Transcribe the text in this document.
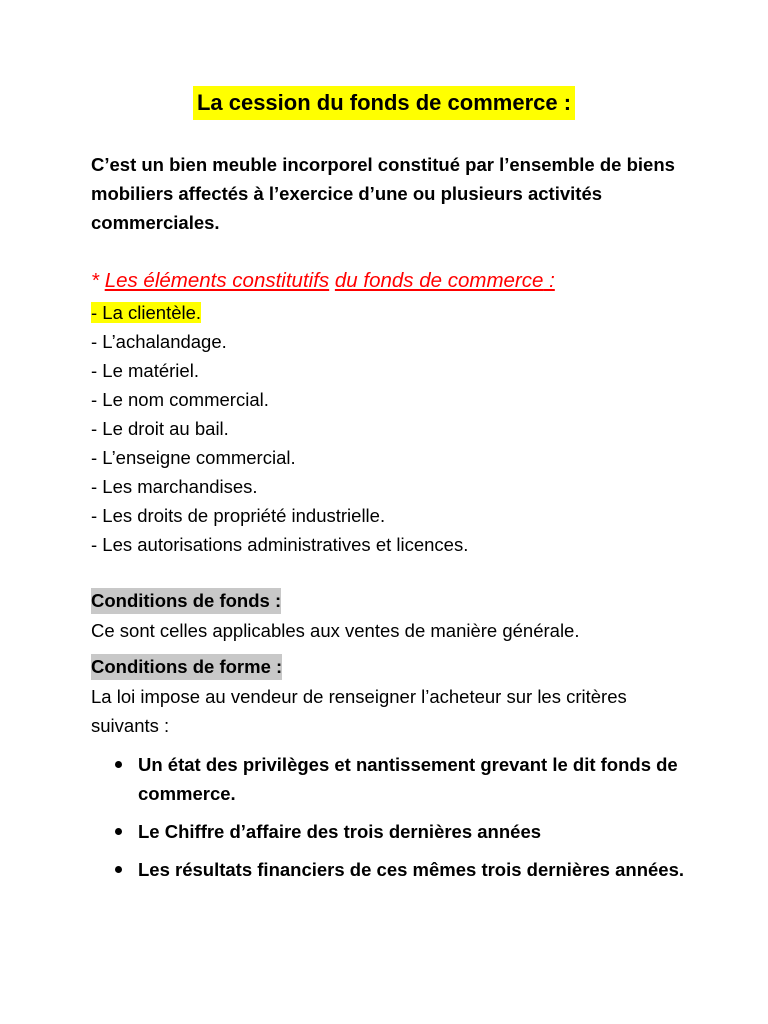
La cession du fonds de commerce :

C’est un bien meuble incorporel constitué par l’ensemble de biens mobiliers affectés à l’exercice d’une ou plusieurs activités commerciales.

* Les éléments constitutifs du fonds de commerce :

- La clientèle.
- L’achalandage.
- Le matériel.
- Le nom commercial.
- Le droit au bail.
- L’enseigne commercial.
- Les marchandises.
- Les droits de propriété industrielle.
- Les autorisations administratives et licences.
Conditions de fonds :

Ce sont celles applicables aux ventes de manière générale.

Conditions de forme :

La loi impose au vendeur de renseigner l’acheteur sur les critères suivants :

Un état des privilèges et nantissement grevant le dit fonds de commerce.
Le Chiffre d’affaire des trois dernières années
Les résultats financiers de ces mêmes trois dernières années.
